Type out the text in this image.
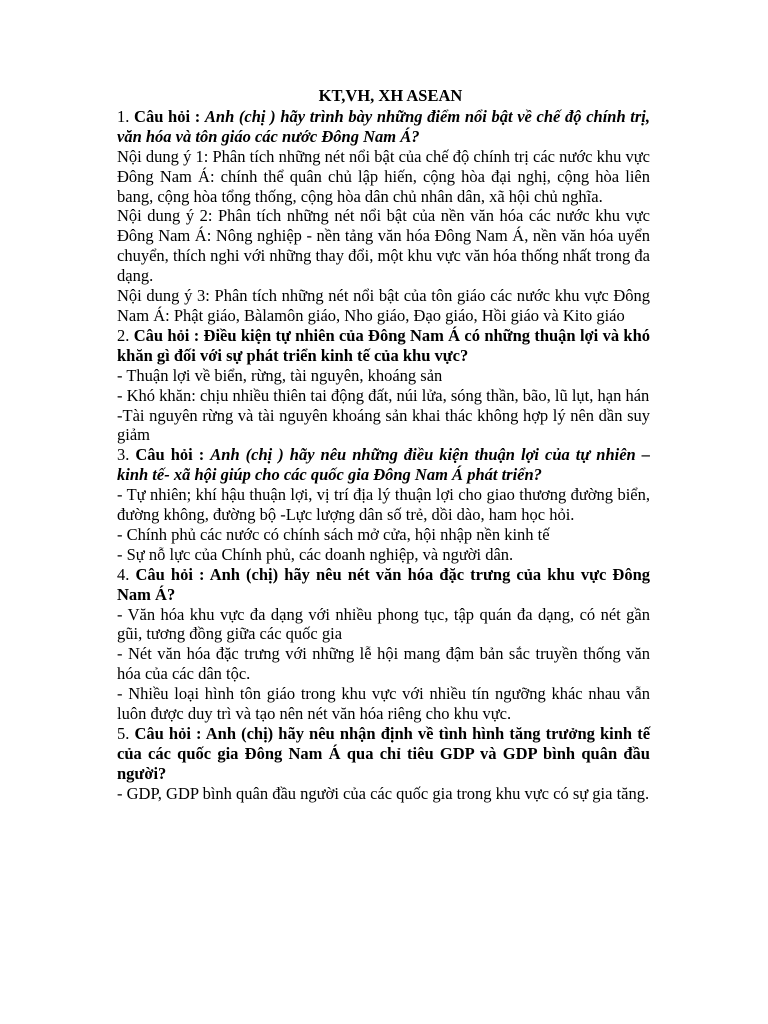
KT,VH, XH ASEAN

1. Câu hỏi : Anh (chị ) hãy trình bày những điểm nổi bật về chế độ chính trị, văn hóa và tôn giáo các nước Đông Nam Á?

Nội dung ý 1: Phân tích những nét nổi bật của chế độ chính trị các nước khu vực Đông Nam Á: chính thể quân chủ lập hiến, cộng hòa đại nghị, cộng hòa liên bang, cộng hòa tổng thống, cộng hòa dân chủ nhân dân, xã hội chủ nghĩa.

Nội dung ý 2: Phân tích những nét nổi bật của nền văn hóa các nước khu vực Đông Nam Á: Nông nghiệp - nền tảng văn hóa Đông Nam Á, nền văn hóa uyển chuyển, thích nghi với những thay đổi, một khu vực văn hóa thống nhất trong đa dạng.

Nội dung ý 3: Phân tích những nét nổi bật của tôn giáo các nước khu vực Đông Nam Á: Phật giáo, Bàlamôn giáo, Nho giáo, Đạo giáo, Hồi giáo và Kito giáo

2. Câu hỏi : Điều kiện tự nhiên của Đông Nam Á có những thuận lợi và khó khăn gì đối với sự phát triển kinh tế của khu vực?

- Thuận lợi về biển, rừng, tài nguyên, khoáng sản

- Khó khăn: chịu nhiều thiên tai động đất, núi lửa, sóng thần, bão, lũ lụt, hạn hán

-Tài nguyên rừng và tài nguyên khoáng sản khai thác không hợp lý nên dần suy giảm

3. Câu hỏi : Anh (chị ) hãy nêu những điều kiện thuận lợi của tự nhiên – kinh tế- xã hội giúp cho các quốc gia Đông Nam Á phát triển?

- Tự nhiên; khí hậu thuận lợi, vị trí địa lý thuận lợi cho giao thương đường biển, đường không, đường bộ -Lực lượng dân số trẻ, dồi dào, ham học hỏi.

- Chính phủ các nước có chính sách mở cửa, hội nhập nền kinh tế

- Sự nỗ lực của Chính phủ, các doanh nghiệp, và người dân.

4. Câu hỏi : Anh (chị) hãy nêu nét văn hóa đặc trưng của khu vực Đông Nam Á?

- Văn hóa khu vực đa dạng với nhiều phong tục, tập quán đa dạng, có nét gần gũi, tương đồng giữa các quốc gia

- Nét văn hóa đặc trưng với những lễ hội mang đậm bản sắc truyền thống văn hóa của các dân tộc.

- Nhiều loại hình tôn giáo trong khu vực với nhiều tín ngưỡng khác nhau vẫn luôn được duy trì và tạo nên nét văn hóa riêng cho khu vực.

5. Câu hỏi : Anh (chị) hãy nêu nhận định về tình hình tăng trưởng kinh tế của các quốc gia Đông Nam Á qua chỉ tiêu GDP và GDP bình quân đầu người?

- GDP, GDP bình quân đầu người của các quốc gia trong khu vực có sự gia tăng.
